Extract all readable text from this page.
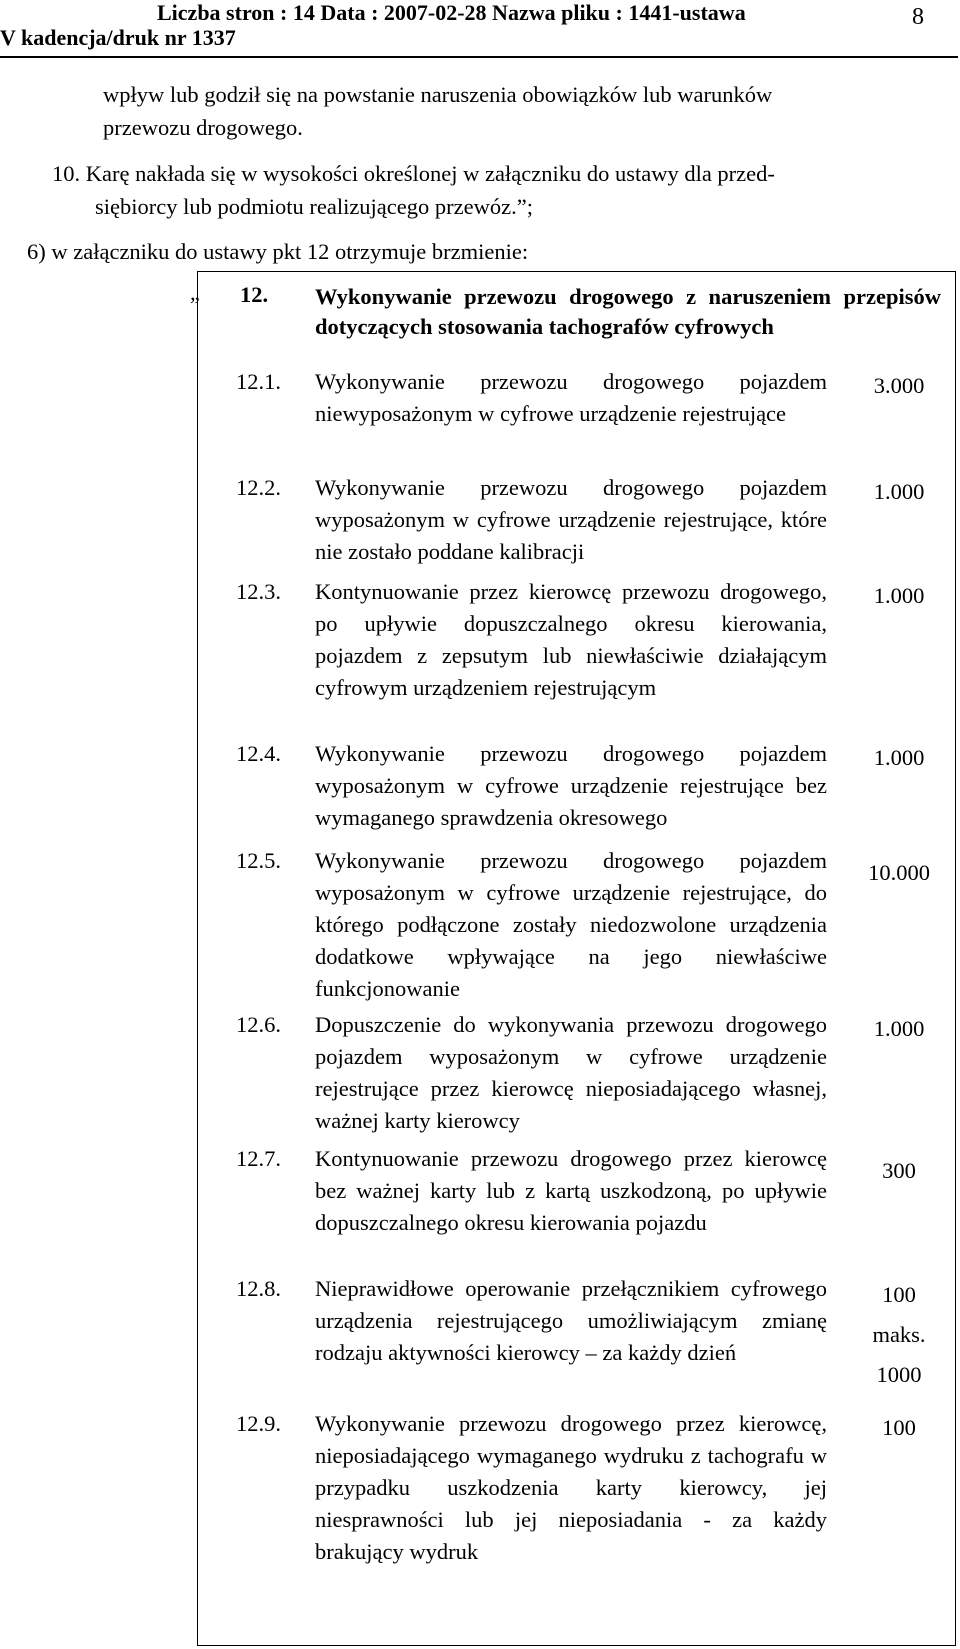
Liczba stron : 14 Data : 2007-02-28 Nazwa pliku : 1441-ustawa
V kadencja/druk nr 1337
8
wpływ lub godził się na powstanie naruszenia obowiązków lub warunków
przewozu drogowego.
10. Karę nakłada się w wysokości określonej w załączniku do ustawy dla przed-
siębiorcy lub podmiotu realizującego przewóz.”;
6) w załączniku do ustawy pkt 12 otrzymuje brzmienie:
„ 12. Wykonywanie przewozu drogowego z naruszeniem przepisów dotyczących stosowania tachografów cyfrowych
12.1. Wykonywanie przewozu drogowego pojazdem niewyposażonym w cyfrowe urządzenie rejestrujące
3.000
12.2. Wykonywanie przewozu drogowego pojazdem wyposażonym w cyfrowe urządzenie rejestrujące, które nie zostało poddane kalibracji
1.000
12.3. Kontynuowanie przez kierowcę przewozu drogowego, po upływie dopuszczalnego okresu kierowania, pojazdem z zepsutym lub niewłaściwie działającym cyfrowym urządzeniem rejestrującym
1.000
12.4. Wykonywanie przewozu drogowego pojazdem wyposażonym w cyfrowe urządzenie rejestrujące bez wymaganego sprawdzenia okresowego
1.000
12.5. Wykonywanie przewozu drogowego pojazdem wyposażonym w cyfrowe urządzenie rejestrujące, do którego podłączone zostały niedozwolone urządzenia dodatkowe wpływające na jego niewłaściwe funkcjonowanie
10.000
12.6. Dopuszczenie do wykonywania przewozu drogowego pojazdem wyposażonym w cyfrowe urządzenie rejestrujące przez kierowcę nieposiadającego własnej, ważnej karty kierowcy
1.000
12.7. Kontynuowanie przewozu drogowego przez kierowcę bez ważnej karty lub z kartą uszkodzoną, po upływie dopuszczalnego okresu kierowania pojazdu
300
12.8. Nieprawidłowe operowanie przełącznikiem cyfrowego urządzenia rejestrującego umożliwiającym zmianę rodzaju aktywności kierowcy – za każdy dzień
100
maks.
1000
12.9. Wykonywanie przewozu drogowego przez kierowcę, nieposiadającego wymaganego wydruku z tachografu w przypadku uszkodzenia karty kierowcy, jej niesprawności lub jej nieposiadania - za każdy brakujący wydruk
100
